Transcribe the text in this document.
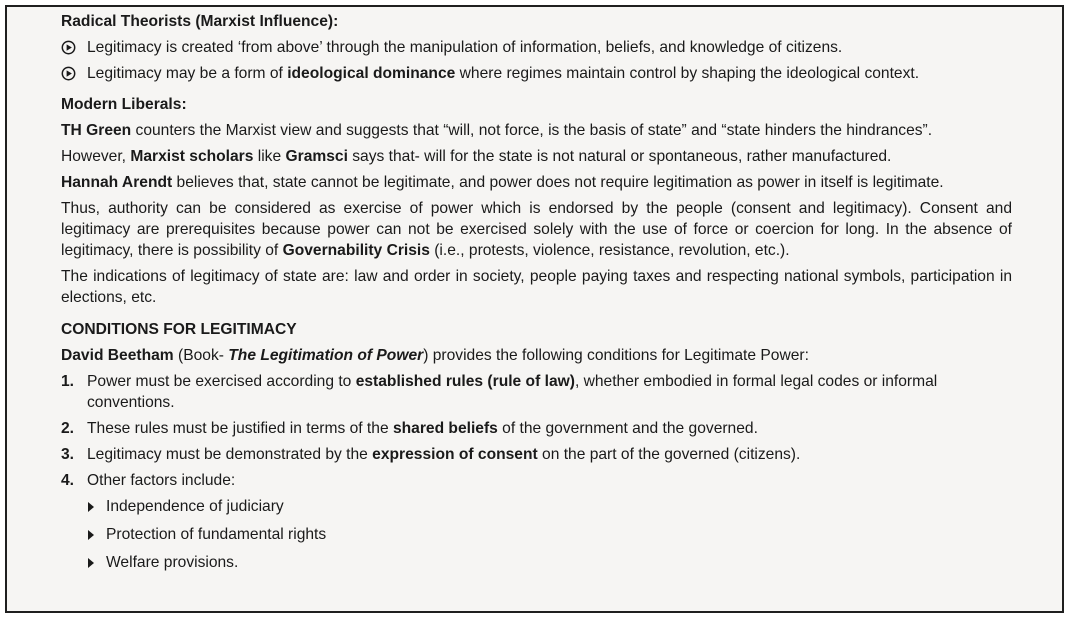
Radical Theorists (Marxist Influence):

Legitimacy is created ‘from above’ through the manipulation of information, beliefs, and knowledge of citizens.
Legitimacy may be a form of ideological dominance where regimes maintain control by shaping the ideological context.

Modern Liberals:

TH Green counters the Marxist view and suggests that “will, not force, is the basis of state” and “state hinders the hindrances”.

However, Marxist scholars like Gramsci says that- will for the state is not natural or spontaneous, rather manufactured.

Hannah Arendt believes that, state cannot be legitimate, and power does not require legitimation as power in itself is legitimate.

Thus, authority can be considered as exercise of power which is endorsed by the people (consent and legitimacy). Consent and legitimacy are prerequisites because power can not be exercised solely with the use of force or coercion for long. In the absence of legitimacy, there is possibility of Governability Crisis (i.e., protests, violence, resistance, revolution, etc.).

The indications of legitimacy of state are: law and order in society, people paying taxes and respecting national symbols, participation in elections, etc.

CONDITIONS FOR LEGITIMACY

David Beetham (Book- The Legitimation of Power) provides the following conditions for Legitimate Power:

1. Power must be exercised according to established rules (rule of law), whether embodied in formal legal codes or informal conventions.
2. These rules must be justified in terms of the shared beliefs of the government and the governed.
3. Legitimacy must be demonstrated by the expression of consent on the part of the governed (citizens).
4. Other factors include:
Independence of judiciary
Protection of fundamental rights
Welfare provisions.
